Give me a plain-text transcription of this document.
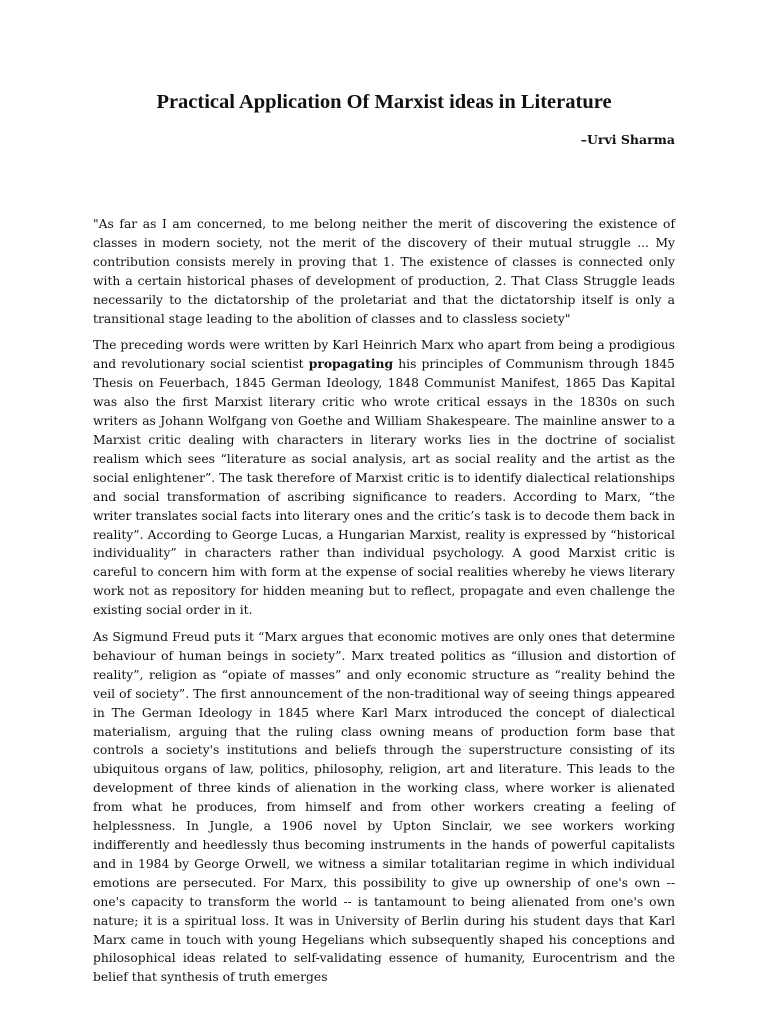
Practical Application Of Marxist ideas in Literature
–Urvi Sharma

"As far as I am concerned, to me belong neither the merit of discovering the existence of classes in modern society, not the merit of the discovery of their mutual struggle ... My contribution consists merely in proving that 1. The existence of classes is connected only with a certain historical phases of development of production, 2. That Class Struggle leads necessarily to the dictatorship of the proletariat and that the dictatorship itself is only a transitional stage leading to the abolition of classes and to classless society"

The preceding words were written by Karl Heinrich Marx who apart from being a prodigious and revolutionary social scientist propagating his principles of Communism through 1845 Thesis on Feuerbach, 1845 German Ideology, 1848 Communist Manifest, 1865 Das Kapital was also the first Marxist literary critic who wrote critical essays in the 1830s on such writers as Johann Wolfgang von Goethe and William Shakespeare. The mainline answer to a Marxist critic dealing with characters in literary works lies in the doctrine of socialist realism which sees “literature as social analysis, art as social reality and the artist as the social enlightener”. The task therefore of Marxist critic is to identify dialectical relationships and social transformation of ascribing significance to readers. According to Marx, “the writer translates social facts into literary ones and the critic’s task is to decode them back in reality”. According to George Lucas, a Hungarian Marxist, reality is expressed by “historical individuality” in characters rather than individual psychology. A good Marxist critic is careful to concern him with form at the expense of social realities whereby he views literary work not as repository for hidden meaning but to reflect, propagate and even challenge the existing social order in it.

As Sigmund Freud puts it “Marx argues that economic motives are only ones that determine behaviour of human beings in society”. Marx treated politics as “illusion and distortion of reality”, religion as “opiate of masses” and only economic structure as “reality behind the veil of society”. The first announcement of the non-traditional way of seeing things appeared in The German Ideology in 1845 where Karl Marx introduced the concept of dialectical materialism, arguing that the ruling class owning means of production form base that controls a society's institutions and beliefs through the superstructure consisting of its ubiquitous organs of law, politics, philosophy, religion, art and literature. This leads to the development of three kinds of alienation in the working class, where worker is alienated from what he produces, from himself and from other workers creating a feeling of helplessness. In Jungle, a 1906 novel by Upton Sinclair, we see workers working indifferently and heedlessly thus becoming instruments in the hands of powerful capitalists and in 1984 by George Orwell, we witness a similar totalitarian regime in which individual emotions are persecuted. For Marx, this possibility to give up ownership of one's own -- one's capacity to transform the world -- is tantamount to being alienated from one's own nature; it is a spiritual loss. It was in University of Berlin during his student days that Karl Marx came in touch with young Hegelians which subsequently shaped his conceptions and philosophical ideas related to self-validating essence of humanity, Eurocentrism and the belief that synthesis of truth emerges
